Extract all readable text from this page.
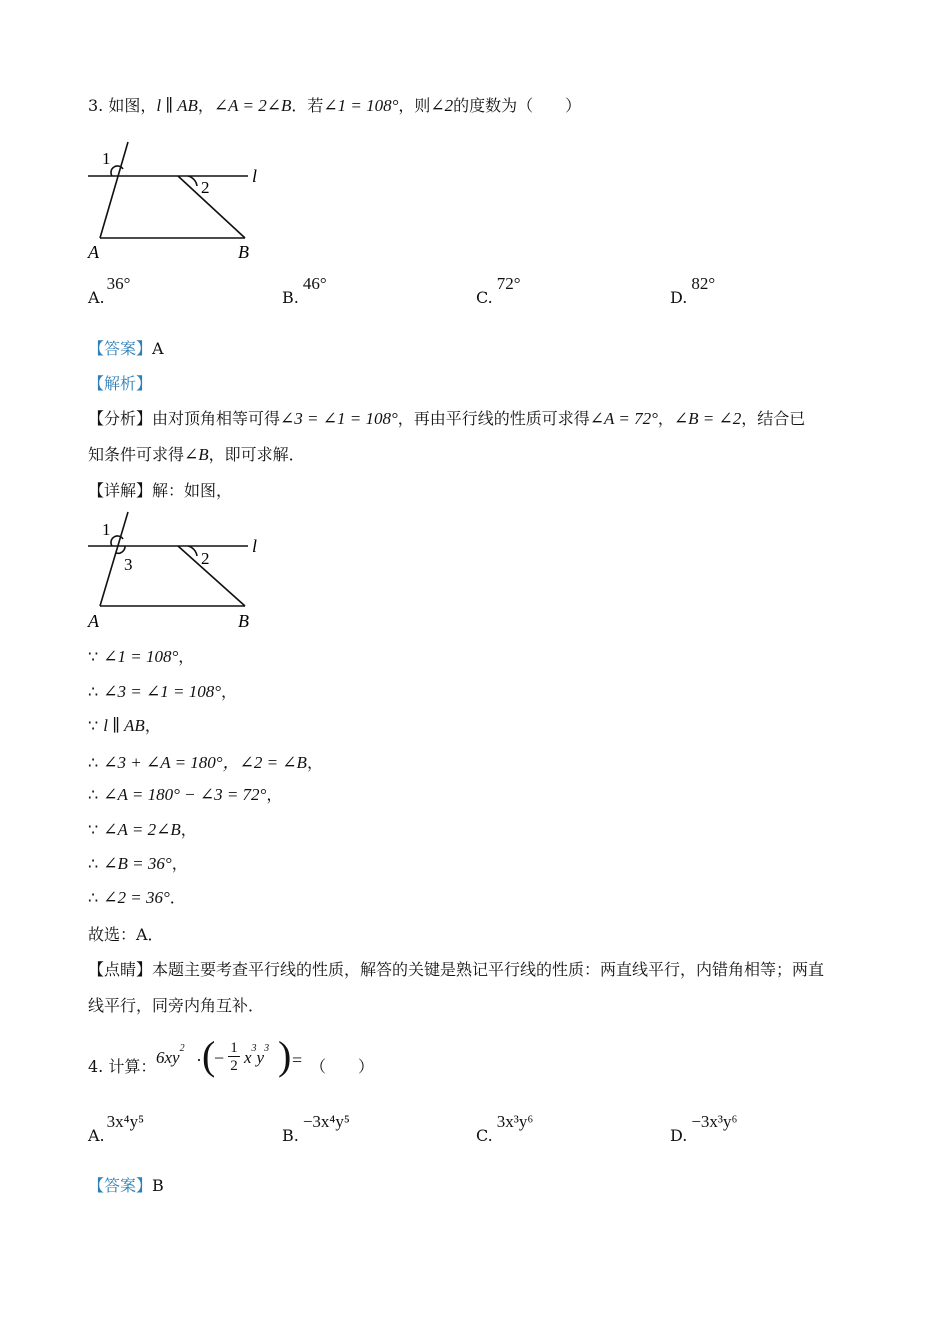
3. 如图，l ∥ AB，∠A = 2∠B．若∠1 = 108°，则∠2的度数为（　　）
1
2
l
A	B
A.36°
B.46°
C.72°
D.82°
【答案】A
【解析】
【分析】由对顶角相等可得∠3 = ∠1 = 108°，再由平行线的性质可求得∠A = 72°，∠B = ∠2，结合已
知条件可求得∠B，即可求解．
【详解】解：如图，
1
3	2
l
A	B
∵ ∠1 = 108°，
∴ ∠3 = ∠1 = 108°，
∵ l ∥ AB，
∴ ∠3 + ∠A = 180°，∠2 = ∠B，
∴ ∠A = 180° − ∠3 = 72°，
∵ ∠A = 2∠B，
∴ ∠B = 36°，
∴ ∠2 = 36°．
故选：A．
【点睛】本题主要考查平行线的性质，解答的关键是熟记平行线的性质：两直线平行，内错角相等；两直
线平行，同旁内角互补．
4. 计算： $6xy^2$
· (
− 1
2 $x^3y^3$ ) = （　　）
A.3x⁴y⁵
B.−3x⁴y⁵
C.3x³y⁶
D.−3x³y⁶
【答案】B
